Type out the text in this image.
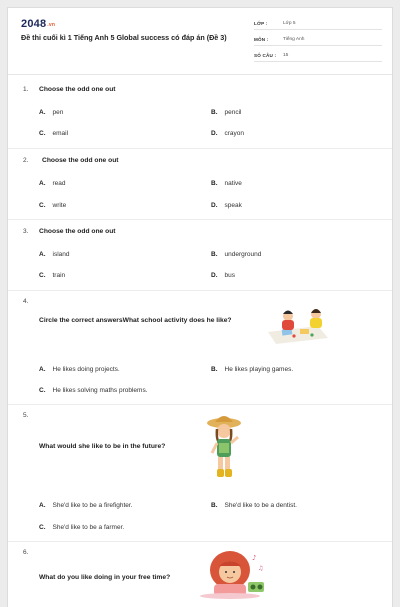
2048.vn
Đề thi cuối kì 1 Tiếng Anh 5 Global success có đáp án (Đề 3)
LỚP :	Lớp 5
MÔN :	Tiếng Anh
SỐ CÂU :	15
1. Choose the odd one out
A. pen	B. pencil
C. email	D. crayon
2. Choose the odd one out
A. read	B. native
C. write	D. speak
3. Choose the odd one out
A. island	B. underground
C. train	D. bus
4.
Circle the correct answersWhat school activity does he like?
A. He likes doing projects.	B. He likes playing games.
C. He likes solving maths problems.
5.
What would she like to be in the future?
A. She'd like to be a firefighter.	B. She'd like to be a dentist.
C. She'd like to be a farmer.
6.
What do you like doing in your free time?
♪
♫
